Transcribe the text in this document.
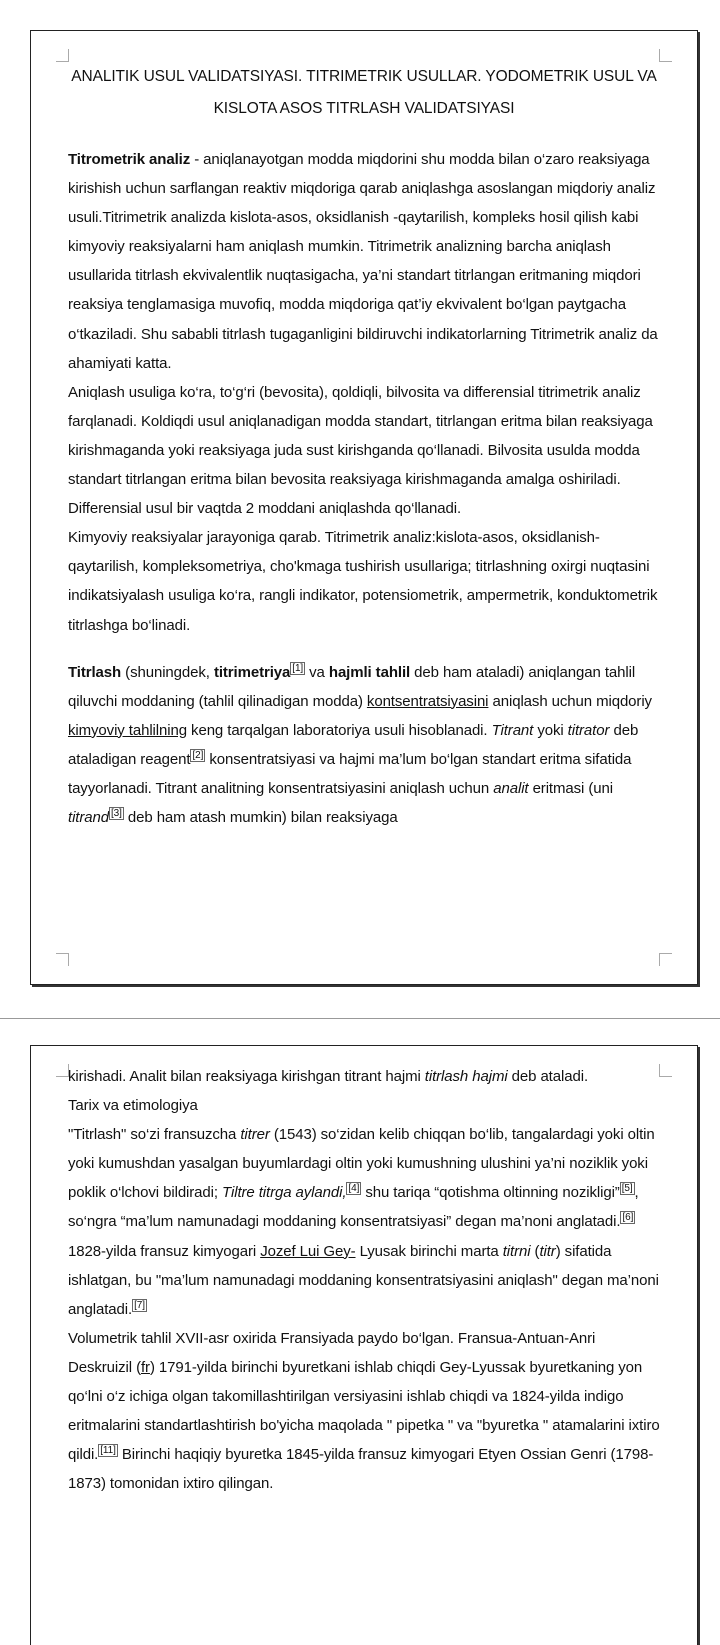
ANALITIK USUL VALIDATSIYASI. TITRIMETRIK USULLAR. YODOMETRIK USUL VA KISLOTA ASOS TITRLASH VALIDATSIYASI

Titrometrik analiz - aniqlanayotgan modda miqdorini shu modda bilan o‘zaro reaksiyaga kirishish uchun sarflangan reaktiv miqdoriga qarab aniqlashga asoslangan miqdoriy analiz usuli.Titrimetrik analizda kislota-asos, oksidlanish -qaytarilish, kompleks hosil qilish kabi kimyoviy reaksiyalarni ham aniqlash mumkin. Titrimetrik analizning barcha aniqlash usullarida titrlash ekvivalentlik nuqtasigacha, ya’ni standart titrlangan eritmaning miqdori reaksiya tenglamasiga muvofiq, modda miqdoriga qat’iy ekvivalent bo‘lgan paytgacha o‘tkaziladi. Shu sababli titrlash tugaganligini bildiruvchi indikatorlarning Titrimetrik analiz da ahamiyati katta.

Aniqlash usuliga ko‘ra, to‘g‘ri (bevosita), qoldiqli, bilvosita va differensial titrimetrik analiz farqlanadi. Koldiqdi usul aniqlanadigan modda standart, titrlangan eritma bilan reaksiyaga kirishmaganda yoki reaksiyaga juda sust kirishganda qo‘llanadi. Bilvosita usulda modda standart titrlangan eritma bilan bevosita reaksiyaga kirishmaganda amalga oshiriladi. Differensial usul bir vaqtda 2 moddani aniqlashda qo‘llanadi.

Kimyoviy reaksiyalar jarayoniga qarab. Titrimetrik analiz:kislota-asos, oksidlanish-qaytarilish, kompleksometriya, cho'kmaga tushirish usullariga; titrlashning oxirgi nuqtasini indikatsiyalash usuliga ko‘ra, rangli indikator, potensiometrik, ampermetrik, konduktometrik titrlashga bo‘linadi.

Titrlash (shuningdek, titrimetriya [1] va hajmli tahlil deb ham ataladi) aniqlangan tahlil qiluvchi moddaning (tahlil qilinadigan modda) kontsentratsiyasini aniqlash uchun miqdoriy kimyoviy tahlilning keng tarqalgan laboratoriya usuli hisoblanadi. Titrant yoki titrator deb ataladigan reagent [2] konsentratsiyasi va hajmi ma’lum bo‘lgan standart eritma sifatida tayyorlanadi. Titrant analitning konsentratsiyasini aniqlash uchun analit eritmasi (uni titrand [3] deb ham atash mumkin) bilan reaksiyaga

kirishadi. Analit bilan reaksiyaga kirishgan titrant hajmi titrlash hajmi deb ataladi.

Tarix va etimologiya

"Titrlash" so‘zi fransuzcha titrer (1543) so‘zidan kelib chiqqan bo‘lib, tangalardagi yoki oltin yoki kumushdan yasalgan buyumlardagi oltin yoki kumushning ulushini ya’ni noziklik yoki poklik o‘lchovi bildiradi; Tiltre titrga aylandi, [4] shu tariqa “qotishma oltinning nozikligi” [5] , so‘ngra “ma’lum namunadagi moddaning konsentratsiyasi” degan ma’noni anglatadi. [6] 1828-yilda fransuz kimyogari Jozef Lui Gey- Lyusak birinchi marta titrni (titr) sifatida ishlatgan, bu "ma’lum namunadagi moddaning konsentratsiyasini aniqlash" degan ma’noni anglatadi. [7]

Volumetrik tahlil XVII-asr oxirida Fransiyada paydo bo‘lgan. Fransua-Antuan-Anri Deskruizil (fr) 1791-yilda birinchi byuretkani ishlab chiqdi Gey-Lyussak byuretkaning yon qo‘lni o‘z ichiga olgan takomillashtirilgan versiyasini ishlab chiqdi va 1824-yilda indigo eritmalarini standartlashtirish bo'yicha maqolada " pipetka " va "byuretka " atamalarini ixtiro qildi. [11] Birinchi haqiqiy byuretka 1845-yilda fransuz kimyogari Etyen Ossian Genri (1798-1873) tomonidan ixtiro qilingan.
